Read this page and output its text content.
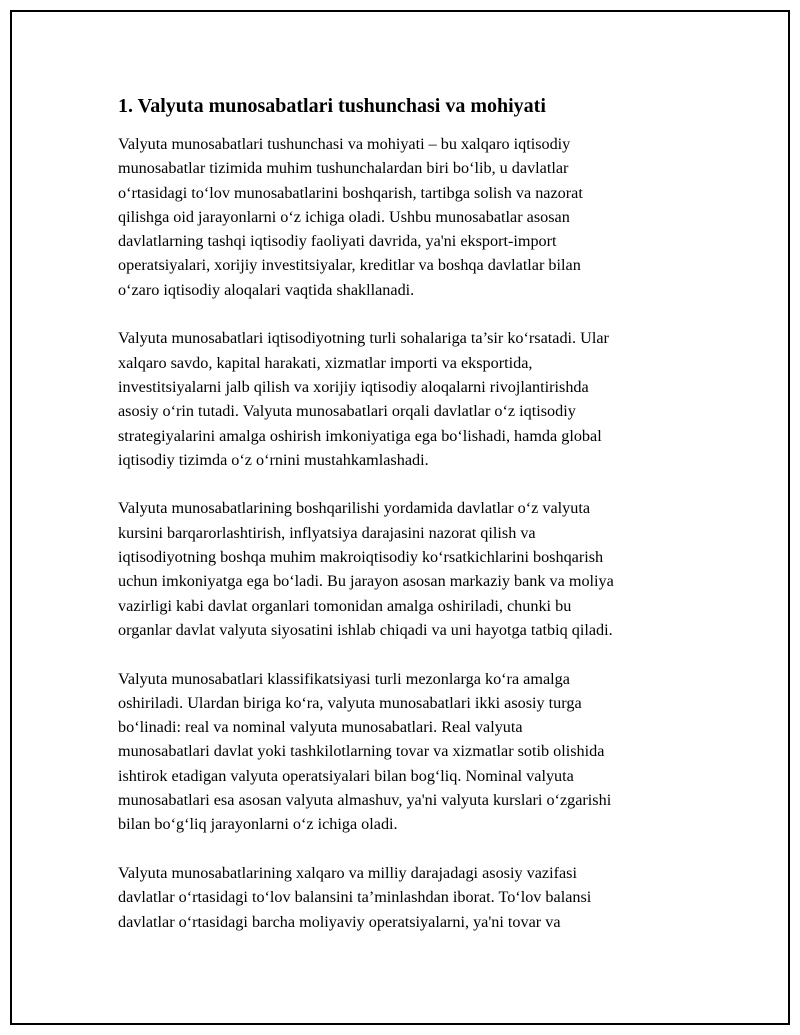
1. Valyuta munosabatlari tushunchasi va mohiyati

Valyuta munosabatlari tushunchasi va mohiyati – bu xalqaro iqtisodiy
munosabatlar tizimida muhim tushunchalardan biri bo‘lib, u davlatlar
o‘rtasidagi to‘lov munosabatlarini boshqarish, tartibga solish va nazorat
qilishga oid jarayonlarni o‘z ichiga oladi. Ushbu munosabatlar asosan
davlatlarning tashqi iqtisodiy faoliyati davrida, ya'ni eksport-import
operatsiyalari, xorijiy investitsiyalar, kreditlar va boshqa davlatlar bilan
o‘zaro iqtisodiy aloqalari vaqtida shakllanadi.

Valyuta munosabatlari iqtisodiyotning turli sohalariga ta’sir ko‘rsatadi. Ular
xalqaro savdo, kapital harakati, xizmatlar importi va eksportida,
investitsiyalarni jalb qilish va xorijiy iqtisodiy aloqalarni rivojlantirishda
asosiy o‘rin tutadi. Valyuta munosabatlari orqali davlatlar o‘z iqtisodiy
strategiyalarini amalga oshirish imkoniyatiga ega bo‘lishadi, hamda global
iqtisodiy tizimda o‘z o‘rnini mustahkamlashadi.

Valyuta munosabatlarining boshqarilishi yordamida davlatlar o‘z valyuta
kursini barqarorlashtirish, inflyatsiya darajasini nazorat qilish va
iqtisodiyotning boshqa muhim makroiqtisodiy ko‘rsatkichlarini boshqarish
uchun imkoniyatga ega bo‘ladi. Bu jarayon asosan markaziy bank va moliya
vazirligi kabi davlat organlari tomonidan amalga oshiriladi, chunki bu
organlar davlat valyuta siyosatini ishlab chiqadi va uni hayotga tatbiq qiladi.

Valyuta munosabatlari klassifikatsiyasi turli mezonlarga ko‘ra amalga
oshiriladi. Ulardan biriga ko‘ra, valyuta munosabatlari ikki asosiy turga
bo‘linadi: real va nominal valyuta munosabatlari. Real valyuta
munosabatlari davlat yoki tashkilotlarning tovar va xizmatlar sotib olishida
ishtirok etadigan valyuta operatsiyalari bilan bog‘liq. Nominal valyuta
munosabatlari esa asosan valyuta almashuv, ya'ni valyuta kurslari o‘zgarishi
bilan bo‘g‘liq jarayonlarni o‘z ichiga oladi.

Valyuta munosabatlarining xalqaro va milliy darajadagi asosiy vazifasi
davlatlar o‘rtasidagi to‘lov balansini ta’minlashdan iborat. To‘lov balansi
davlatlar o‘rtasidagi barcha moliyaviy operatsiyalarni, ya'ni tovar va
